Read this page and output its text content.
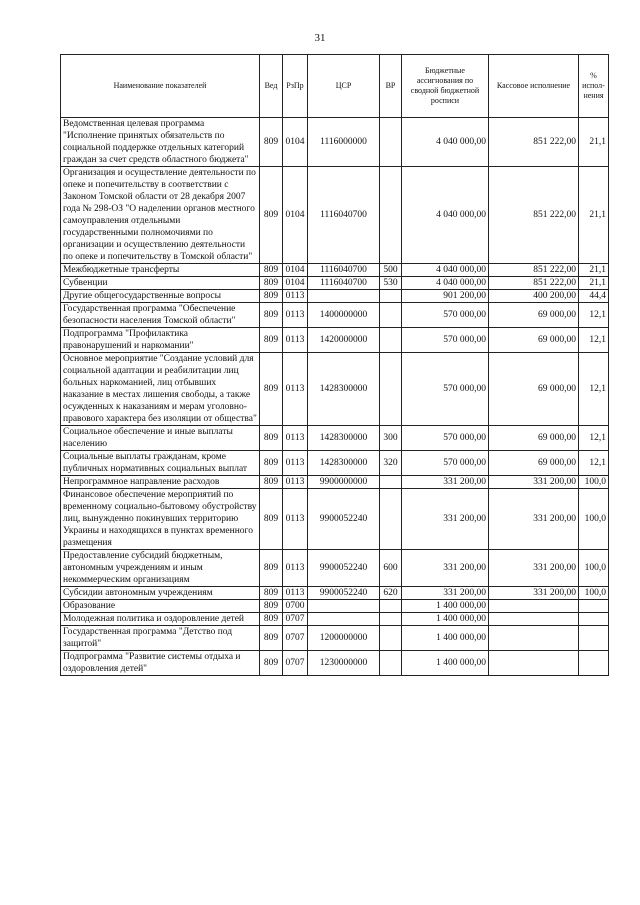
31
Наименование показателей	Вед	РзПр	ЦСР	ВР	Бюджетные ассигнования по сводной бюджетной росписи	Кассовое исполнение	% испол-нения
Ведомственная целевая программа "Исполнение принятых обязательств по социальной поддержке отдельных категорий граждан за счет средств областного бюджета"	809	0104	1116000000		4 040 000,00	851 222,00	21,1
Организация и осуществление деятельности по опеке и попечительству в соответствии с Законом Томской области от 28 декабря 2007 года № 298-ОЗ "О наделении органов местного самоуправления отдельными государственными полномочиями по организации и осуществлению деятельности по опеке и попечительству в Томской области"	809	0104	1116040700		4 040 000,00	851 222,00	21,1
Межбюджетные трансферты	809	0104	1116040700	500	4 040 000,00	851 222,00	21,1
Субвенции	809	0104	1116040700	530	4 040 000,00	851 222,00	21,1
Другие общегосударственные вопросы	809	0113			901 200,00	400 200,00	44,4
Государственная программа "Обеспечение безопасности населения Томской области"	809	0113	1400000000		570 000,00	69 000,00	12,1
Подпрограмма "Профилактика правонарушений и наркомании"	809	0113	1420000000		570 000,00	69 000,00	12,1
Основное мероприятие "Создание условий для социальной адаптации и реабилитации лиц больных наркоманией, лиц отбывших наказание в местах лишения свободы, а также осужденных к наказаниям и мерам уголовно-правового характера без изоляции от общества"	809	0113	1428300000		570 000,00	69 000,00	12,1
Социальное обеспечение и иные выплаты населению	809	0113	1428300000	300	570 000,00	69 000,00	12,1
Социальные выплаты гражданам, кроме публичных нормативных социальных выплат	809	0113	1428300000	320	570 000,00	69 000,00	12,1
Непрограммное направление расходов	809	0113	9900000000		331 200,00	331 200,00	100,0
Финансовое обеспечение мероприятий по временному социально-бытовому обустройству лиц, вынужденно покинувших территорию Украины и находящихся в пунктах временного размещения	809	0113	9900052240		331 200,00	331 200,00	100,0
Предоставление субсидий бюджетным, автономным учреждениям и иным некоммерческим организациям	809	0113	9900052240	600	331 200,00	331 200,00	100,0
Субсидии автономным учреждениям	809	0113	9900052240	620	331 200,00	331 200,00	100,0
Образование	809	0700			1 400 000,00		
Молодежная политика и оздоровление детей	809	0707			1 400 000,00		
Государственная программа "Детство под защитой"	809	0707	1200000000		1 400 000,00		
Подпрограмма "Развитие системы отдыха и оздоровления детей"	809	0707	1230000000		1 400 000,00		
